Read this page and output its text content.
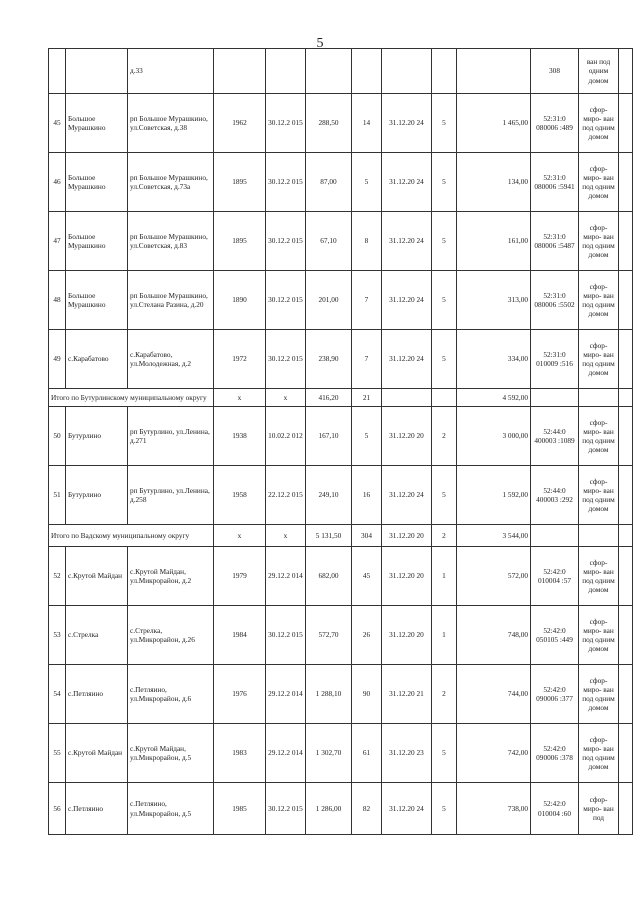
5
		д.33								308	ван под одним домом	
45	Большое Мурашкино	рп Большое Мурашкино, ул.Советская, д.38	1962	30.12.2 015	288,50	14	31.12.20 24	5	1 465,00	52:31:0 080006 :489	сфор- миро- ван под одним домом	
46	Большое Мурашкино	рп Большое Мурашкино, ул.Советская, д.73а	1895	30.12.2 015	87,00	5	31.12.20 24	5	134,00	52:31:0 080006 :5941	сфор- миро- ван под одним домом	
47	Большое Мурашкино	рп Большое Мурашкино, ул.Советская, д.83	1895	30.12.2 015	67,10	8	31.12.20 24	5	161,00	52:31:0 080006 :5487	сфор- миро- ван под одним домом	
48	Большое Мурашкино	рп Большое Мурашкино, ул.Стеланa Разина, д.20	1890	30.12.2 015	201,00	7	31.12.20 24	5	313,00	52:31:0 080006 :5502	сфор- миро- ван под одним домом	
49	с.Карабатово	с.Карабатово, ул.Молодежная, д.2	1972	30.12.2 015	238,90	7	31.12.20 24	5	334,00	52:31:0 010009 :516	сфор- миро- ван под одним домом	
Итого по Бутурлинскому муниципальному округу			х	х	416,20	21			4 592,00			
50	Бутурлино	рп Бутурлино, ул.Ленина, д.271	1938	10.02.2 012	167,10	5	31.12.20 20	2	3 000,00	52:44:0 400003 :1089	сфор- миро- ван под одним домом	
51	Бутурлино	рп Бутурлино, ул.Ленина, д.258	1958	22.12.2 015	249,10	16	31.12.20 24	5	1 592,00	52:44:0 400003 :292	сфор- миро- ван под одним домом	
Итого по Вадскому муниципальному округу			х	х	5 131,50	304	31.12.20 20	2	3 544,00			
52	с.Крутой Майдан	с.Крутой Майдан, ул.Микрорайон, д.2	1979	29.12.2 014	682,00	45	31.12.20 20	1	572,00	52:42:0 010004 :57	сфор- миро- ван под одним домом	
53	с.Стрелка	с.Стрелка, ул.Микрорайон, д.26	1984	30.12.2 015	572,70	26	31.12.20 20	1	748,00	52:42:0 050105 :449	сфор- миро- ван под одним домом	
54	с.Петляино	с.Петляино, ул.Микрорайон, д.6	1976	29.12.2 014	1 288,10	90	31.12.20 21	2	744,00	52:42:0 090006 :377	сфор- миро- ван под одним домом	
55	с.Крутой Майдан	с.Крутой Майдан, ул.Микрорайон, д.5	1983	29.12.2 014	1 302,70	61	31.12.20 23	5	742,00	52:42:0 090006 :378	сфор- миро- ван под одним домом	
56	с.Петляино	с.Петляино, ул.Микрорайон, д.5	1985	30.12.2 015	1 286,00	82	31.12.20 24	5	738,00	52:42:0 010004 :60	сфор- миро- ван под	
